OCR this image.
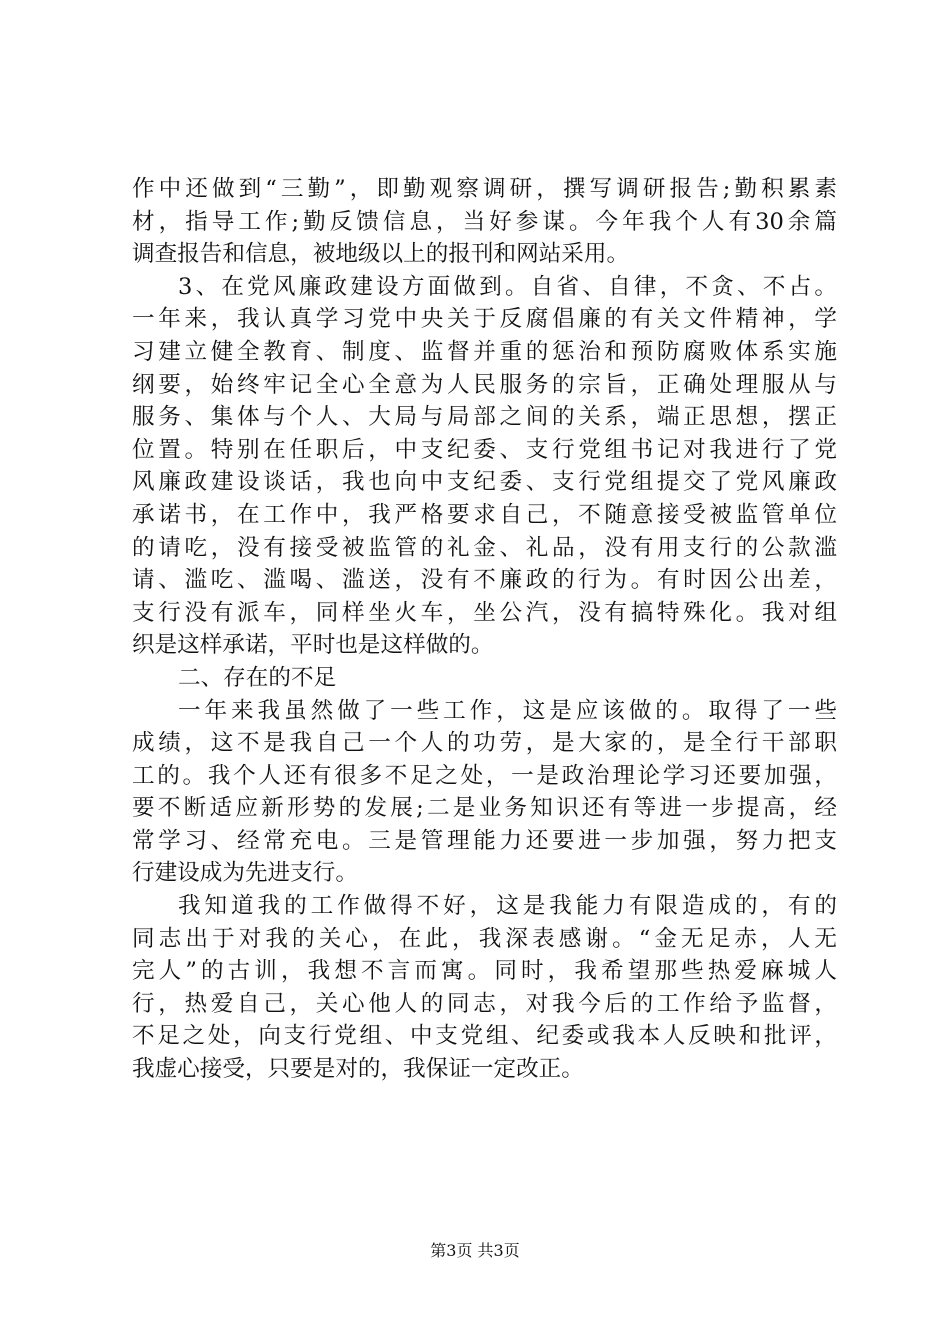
作中还做到“三勤”，即勤观察调研，撰写调研报告;勤积累素
材，指导工作;勤反馈信息，当好参谋。今年我个人有30余篇
调查报告和信息，被地级以上的报刊和网站采用。
3、在党风廉政建设方面做到。自省、自律，不贪、不占。
一年来，我认真学习党中央关于反腐倡廉的有关文件精神，学
习建立健全教育、制度、监督并重的惩治和预防腐败体系实施
纲要，始终牢记全心全意为人民服务的宗旨，正确处理服从与
服务、集体与个人、大局与局部之间的关系，端正思想，摆正
位置。特别在任职后，中支纪委、支行党组书记对我进行了党
风廉政建设谈话，我也向中支纪委、支行党组提交了党风廉政
承诺书，在工作中，我严格要求自己，不随意接受被监管单位
的请吃，没有接受被监管的礼金、礼品，没有用支行的公款滥
请、滥吃、滥喝、滥送，没有不廉政的行为。有时因公出差，
支行没有派车，同样坐火车，坐公汽，没有搞特殊化。我对组
织是这样承诺，平时也是这样做的。
二、存在的不足
一年来我虽然做了一些工作，这是应该做的。取得了一些
成绩，这不是我自己一个人的功劳，是大家的，是全行干部职
工的。我个人还有很多不足之处，一是政治理论学习还要加强，
要不断适应新形势的发展;二是业务知识还有等进一步提高，经
常学习、经常充电。三是管理能力还要进一步加强，努力把支
行建设成为先进支行。
我知道我的工作做得不好，这是我能力有限造成的，有的
同志出于对我的关心，在此，我深表感谢。“金无足赤，人无
完人”的古训，我想不言而寓。同时，我希望那些热爱麻城人
行，热爱自己，关心他人的同志，对我今后的工作给予监督，
不足之处，向支行党组、中支党组、纪委或我本人反映和批评，
我虚心接受，只要是对的，我保证一定改正。
第3页 共3页
